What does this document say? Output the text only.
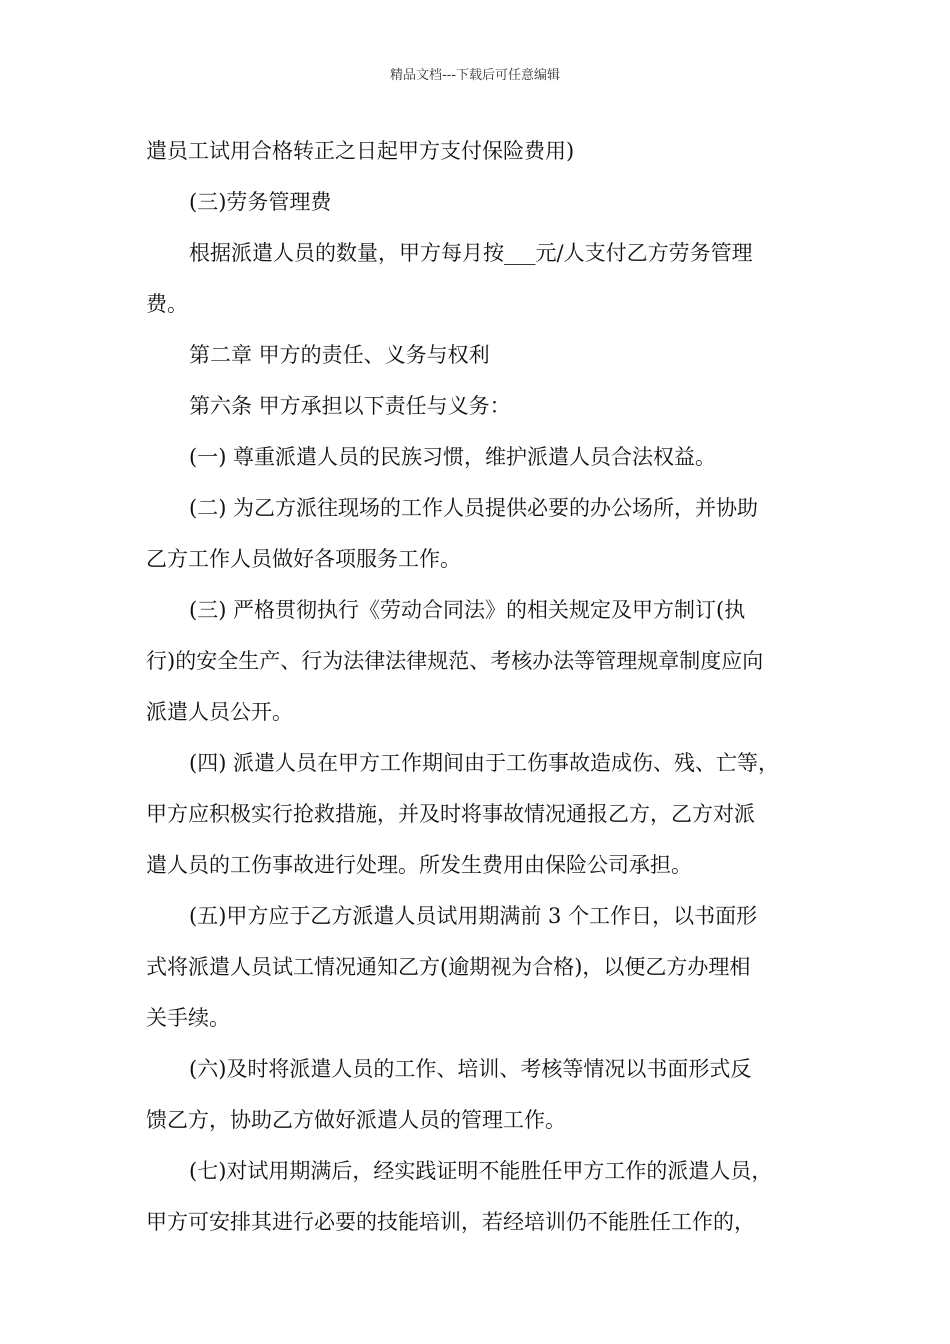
精品文档---下载后可任意编辑
遣员工试用合格转正之日起甲方支付保险费用)
(三)劳务管理费
根据派遣人员的数量，甲方每月按___元/人支付乙方劳务管理
费。
第二章 甲方的责任、义务与权利
第六条 甲方承担以下责任与义务：
(一) 尊重派遣人员的民族习惯，维护派遣人员合法权益。
(二) 为乙方派往现场的工作人员提供必要的办公场所，并协助
乙方工作人员做好各项服务工作。
(三) 严格贯彻执行《劳动合同法》的相关规定及甲方制订(执
行)的安全生产、行为法律法律规范、考核办法等管理规章制度应向
派遣人员公开。
(四) 派遣人员在甲方工作期间由于工伤事故造成伤、残、亡等，
甲方应积极实行抢救措施，并及时将事故情况通报乙方，乙方对派
遣人员的工伤事故进行处理。所发生费用由保险公司承担。
(五)甲方应于乙方派遣人员试用期满前 3 个工作日，以书面形
式将派遣人员试工情况通知乙方(逾期视为合格)，以便乙方办理相
关手续。
(六)及时将派遣人员的工作、培训、考核等情况以书面形式反
馈乙方，协助乙方做好派遣人员的管理工作。
(七)对试用期满后，经实践证明不能胜任甲方工作的派遣人员，
甲方可安排其进行必要的技能培训，若经培训仍不能胜任工作的，
